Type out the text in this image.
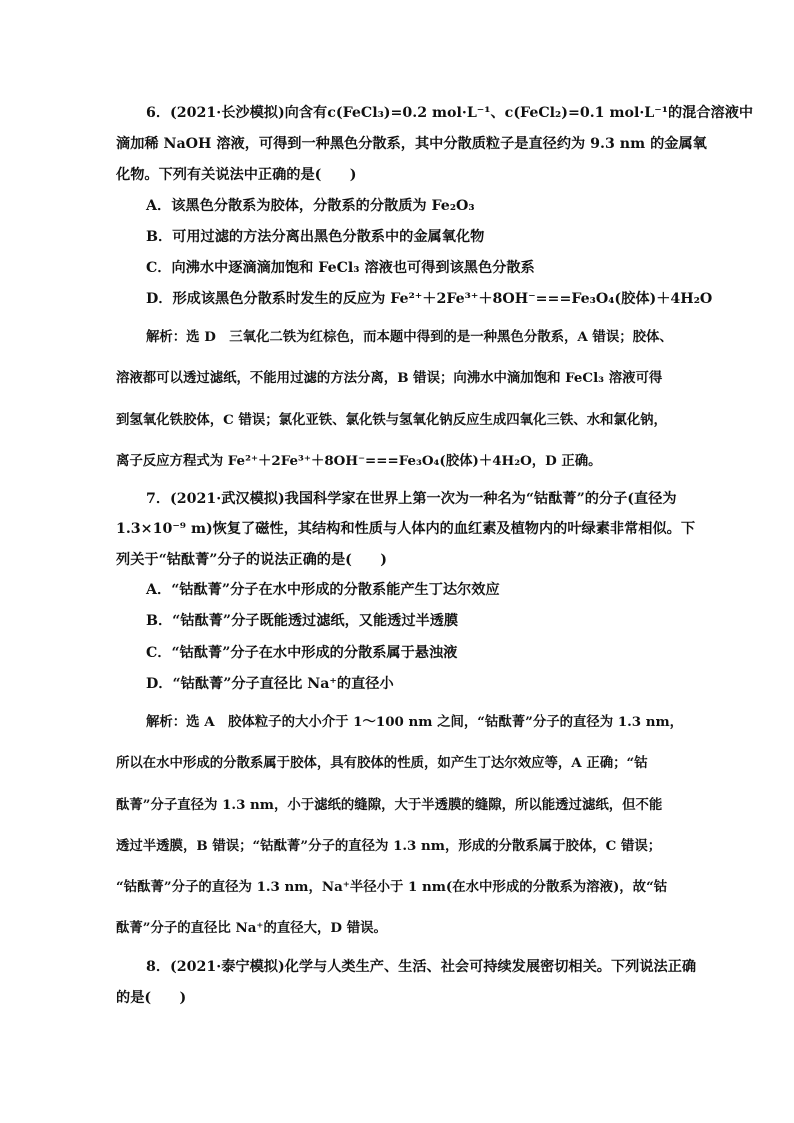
6．(2021·长沙模拟)向含有c(FeCl₃)=0.2 mol·L⁻¹、c(FeCl₂)=0.1 mol·L⁻¹的混合溶液中
滴加稀 NaOH 溶液，可得到一种黑色分散系，其中分散质粒子是直径约为 9.3 nm 的金属氧
化物。下列有关说法中正确的是(　　)
A．该黑色分散系为胶体，分散系的分散质为 Fe₂O₃
B．可用过滤的方法分离出黑色分散系中的金属氧化物
C．向沸水中逐滴滴加饱和 FeCl₃ 溶液也可得到该黑色分散系
D．形成该黑色分散系时发生的反应为 Fe²⁺＋2Fe³⁺＋8OH⁻===Fe₃O₄(胶体)＋4H₂O
解析：选 D　三氧化二铁为红棕色，而本题中得到的是一种黑色分散系，A 错误；胶体、
溶液都可以透过滤纸，不能用过滤的方法分离，B 错误；向沸水中滴加饱和 FeCl₃ 溶液可得
到氢氧化铁胶体，C 错误；氯化亚铁、氯化铁与氢氧化钠反应生成四氧化三铁、水和氯化钠，
离子反应方程式为 Fe²⁺＋2Fe³⁺＋8OH⁻===Fe₃O₄(胶体)＋4H₂O，D 正确。
7．(2021·武汉模拟)我国科学家在世界上第一次为一种名为“钴酞菁”的分子(直径为
1.3×10⁻⁹ m)恢复了磁性，其结构和性质与人体内的血红素及植物内的叶绿素非常相似。下
列关于“钴酞菁”分子的说法正确的是(　　)
A．“钴酞菁”分子在水中形成的分散系能产生丁达尔效应
B．“钴酞菁”分子既能透过滤纸，又能透过半透膜
C．“钴酞菁”分子在水中形成的分散系属于悬浊液
D．“钴酞菁”分子直径比 Na⁺的直径小
解析：选 A　胶体粒子的大小介于 1～100 nm 之间，“钴酞菁”分子的直径为 1.3 nm，
所以在水中形成的分散系属于胶体，具有胶体的性质，如产生丁达尔效应等，A 正确；“钴
酞菁”分子直径为 1.3 nm，小于滤纸的缝隙，大于半透膜的缝隙，所以能透过滤纸，但不能
透过半透膜，B 错误；“钴酞菁”分子的直径为 1.3 nm，形成的分散系属于胶体，C 错误；
“钴酞菁”分子的直径为 1.3 nm，Na⁺半径小于 1 nm(在水中形成的分散系为溶液)，故“钴
酞菁”分子的直径比 Na⁺的直径大，D 错误。
8．(2021·泰宁模拟)化学与人类生产、生活、社会可持续发展密切相关。下列说法正确
的是(　　)
